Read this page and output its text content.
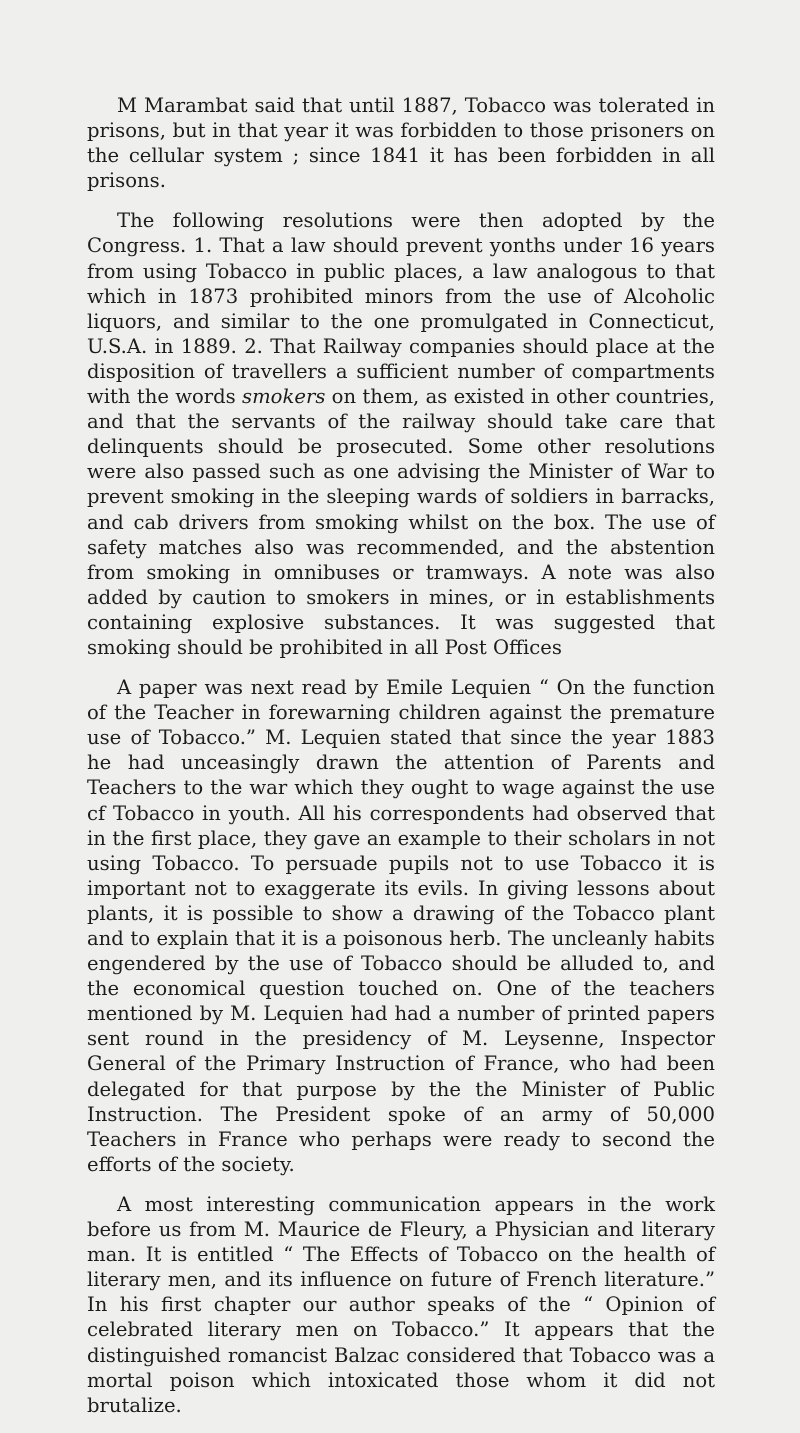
M Marambat said that until 1887, Tobacco was tolerated in prisons, but in that year it was forbidden to those prisoners on the cellular system ; since 1841 it has been forbidden in all prisons.

The following resolutions were then adopted by the Congress. 1. That a law should prevent yonths under 16 years from using Tobacco in public places, a law analogous to that which in 1873 prohibited minors from the use of Alcoholic liquors, and similar to the one promulgated in Connecticut, U.S.A. in 1889. 2. That Railway companies should place at the disposition of travellers a sufficient number of compartments with the words smokers on them, as existed in other countries, and that the servants of the railway should take care that delinquents should be prosecuted. Some other resolutions were also passed such as one advising the Minister of War to prevent smoking in the sleeping wards of soldiers in barracks, and cab drivers from smoking whilst on the box. The use of safety matches also was recommended, and the abstention from smoking in omnibuses or tramways. A note was also added by caution to smokers in mines, or in establishments containing explosive substances. It was suggested that smoking should be prohibited in all Post Offices

A paper was next read by Emile Lequien “ On the function of the Teacher in forewarning children against the premature use of Tobacco.” M. Lequien stated that since the year 1883 he had unceasingly drawn the attention of Parents and Teachers to the war which they ought to wage against the use cf Tobacco in youth. All his correspondents had observed that in the first place, they gave an example to their scholars in not using Tobacco. To persuade pupils not to use Tobacco it is important not to exaggerate its evils. In giving lessons about plants, it is possible to show a drawing of the Tobacco plant and to explain that it is a poisonous herb. The uncleanly habits engendered by the use of Tobacco should be alluded to, and the economical question touched on. One of the teachers mentioned by M. Lequien had had a number of printed papers sent round in the presidency of M. Leysenne, Inspector General of the Primary Instruction of France, who had been delegated for that purpose by the the Minister of Public Instruction. The President spoke of an army of 50,000 Teachers in France who perhaps were ready to second the efforts of the society.

A most interesting communication appears in the work before us from M. Maurice de Fleury, a Physician and literary man. It is entitled “ The Effects of Tobacco on the health of literary men, and its influence on future of French literature.” In his first chapter our author speaks of the “ Opinion of celebrated literary men on Tobacco.” It appears that the distinguished romancist Balzac considered that Tobacco was a mortal poison which intoxicated those whom it did not brutalize.
